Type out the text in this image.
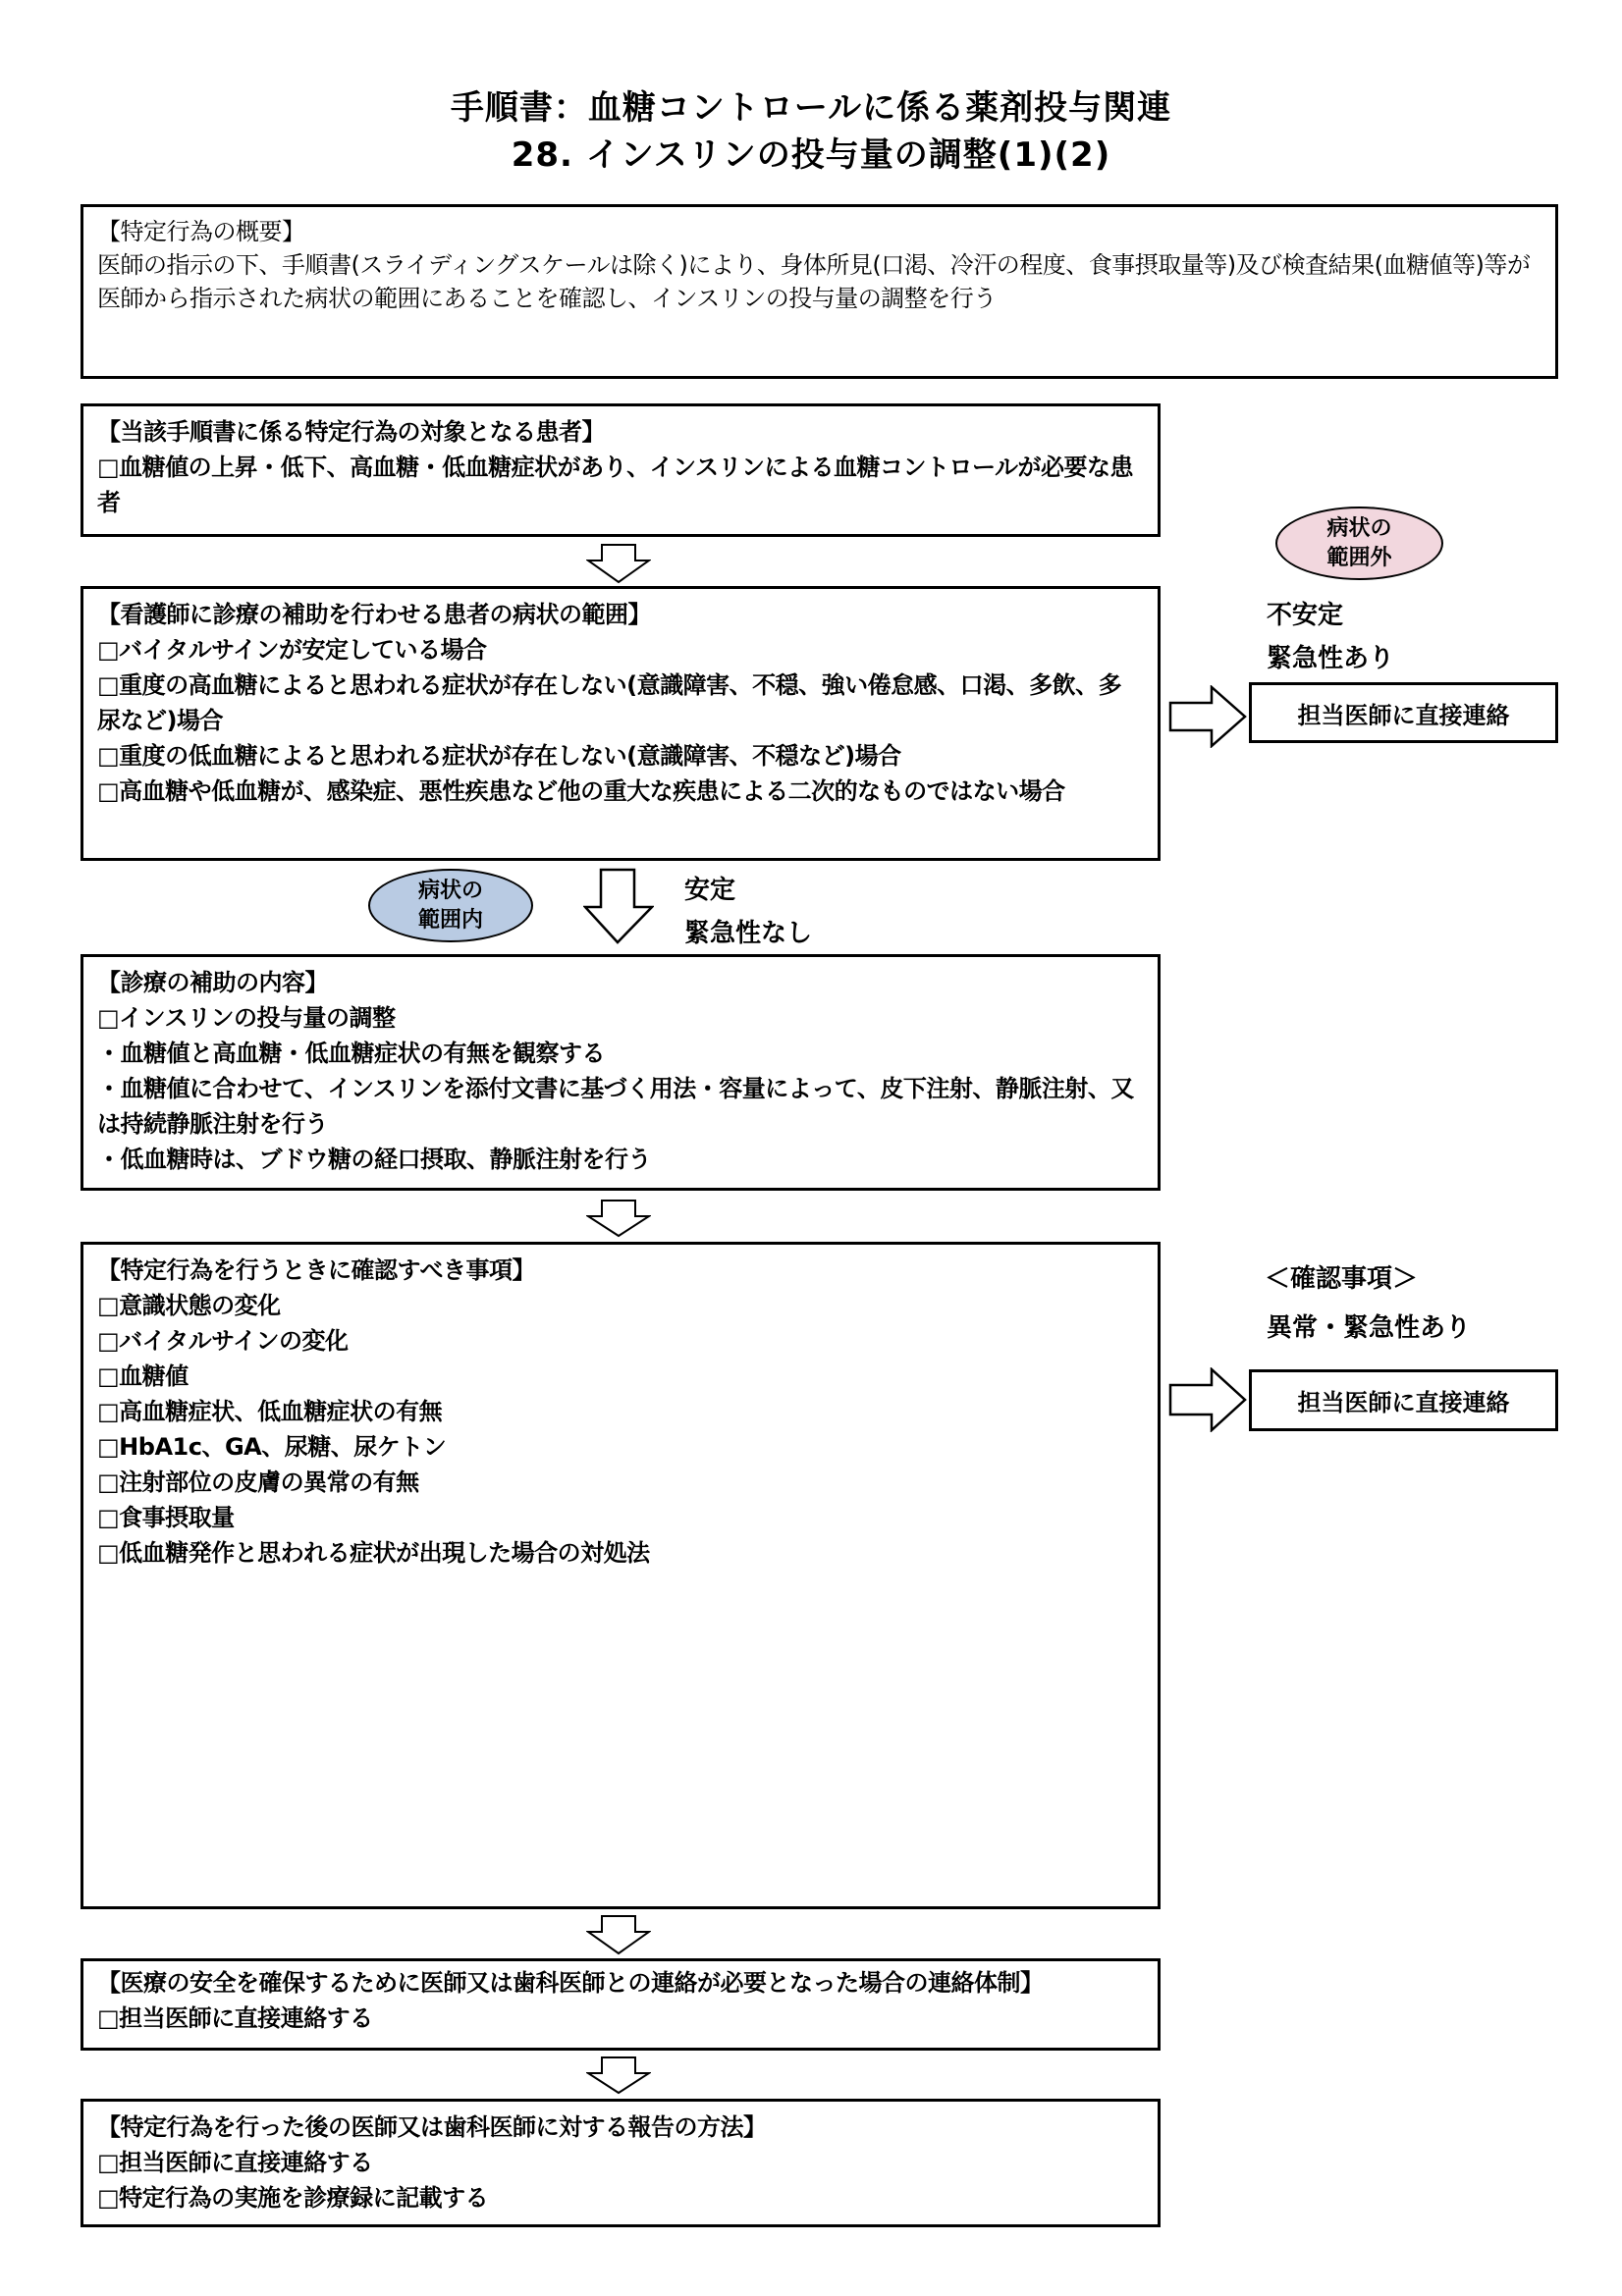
手順書：血糖コントロールに係る薬剤投与関連
28. インスリンの投与量の調整(1)(2)
【特定行為の概要】
医師の指示の下、手順書(スライディングスケールは除く)により、身体所見(口渇、冷汗の程度、食事摂取量等)及び検査結果(血糖値等)等が医師から指示された病状の範囲にあることを確認し、インスリンの投与量の調整を行う
【当該手順書に係る特定行為の対象となる患者】
□血糖値の上昇・低下、高血糖・低血糖症状があり、インスリンによる血糖コントロールが必要な患者
【看護師に診療の補助を行わせる患者の病状の範囲】
□バイタルサインが安定している場合
□重度の高血糖によると思われる症状が存在しない(意識障害、不穏、強い倦怠感、口渇、多飲、多尿など)場合
□重度の低血糖によると思われる症状が存在しない(意識障害、不穏など)場合
□高血糖や低血糖が、感染症、悪性疾患など他の重大な疾患による二次的なものではない場合
病状の
範囲外
不安定
緊急性あり
担当医師に直接連絡
病状の
範囲内
安定
緊急性なし
【診療の補助の内容】
□インスリンの投与量の調整
・血糖値と高血糖・低血糖症状の有無を観察する
・血糖値に合わせて、インスリンを添付文書に基づく用法・容量によって、皮下注射、静脈注射、又は持続静脈注射を行う
・低血糖時は、ブドウ糖の経口摂取、静脈注射を行う
【特定行為を行うときに確認すべき事項】
□意識状態の変化
□バイタルサインの変化
□血糖値
□高血糖症状、低血糖症状の有無
□HbA1c、GA、尿糖、尿ケトン
□注射部位の皮膚の異常の有無
□食事摂取量
□低血糖発作と思われる症状が出現した場合の対処法
＜確認事項＞
異常・緊急性あり
担当医師に直接連絡
【医療の安全を確保するために医師又は歯科医師との連絡が必要となった場合の連絡体制】
□担当医師に直接連絡する
【特定行為を行った後の医師又は歯科医師に対する報告の方法】
□担当医師に直接連絡する
□特定行為の実施を診療録に記載する
